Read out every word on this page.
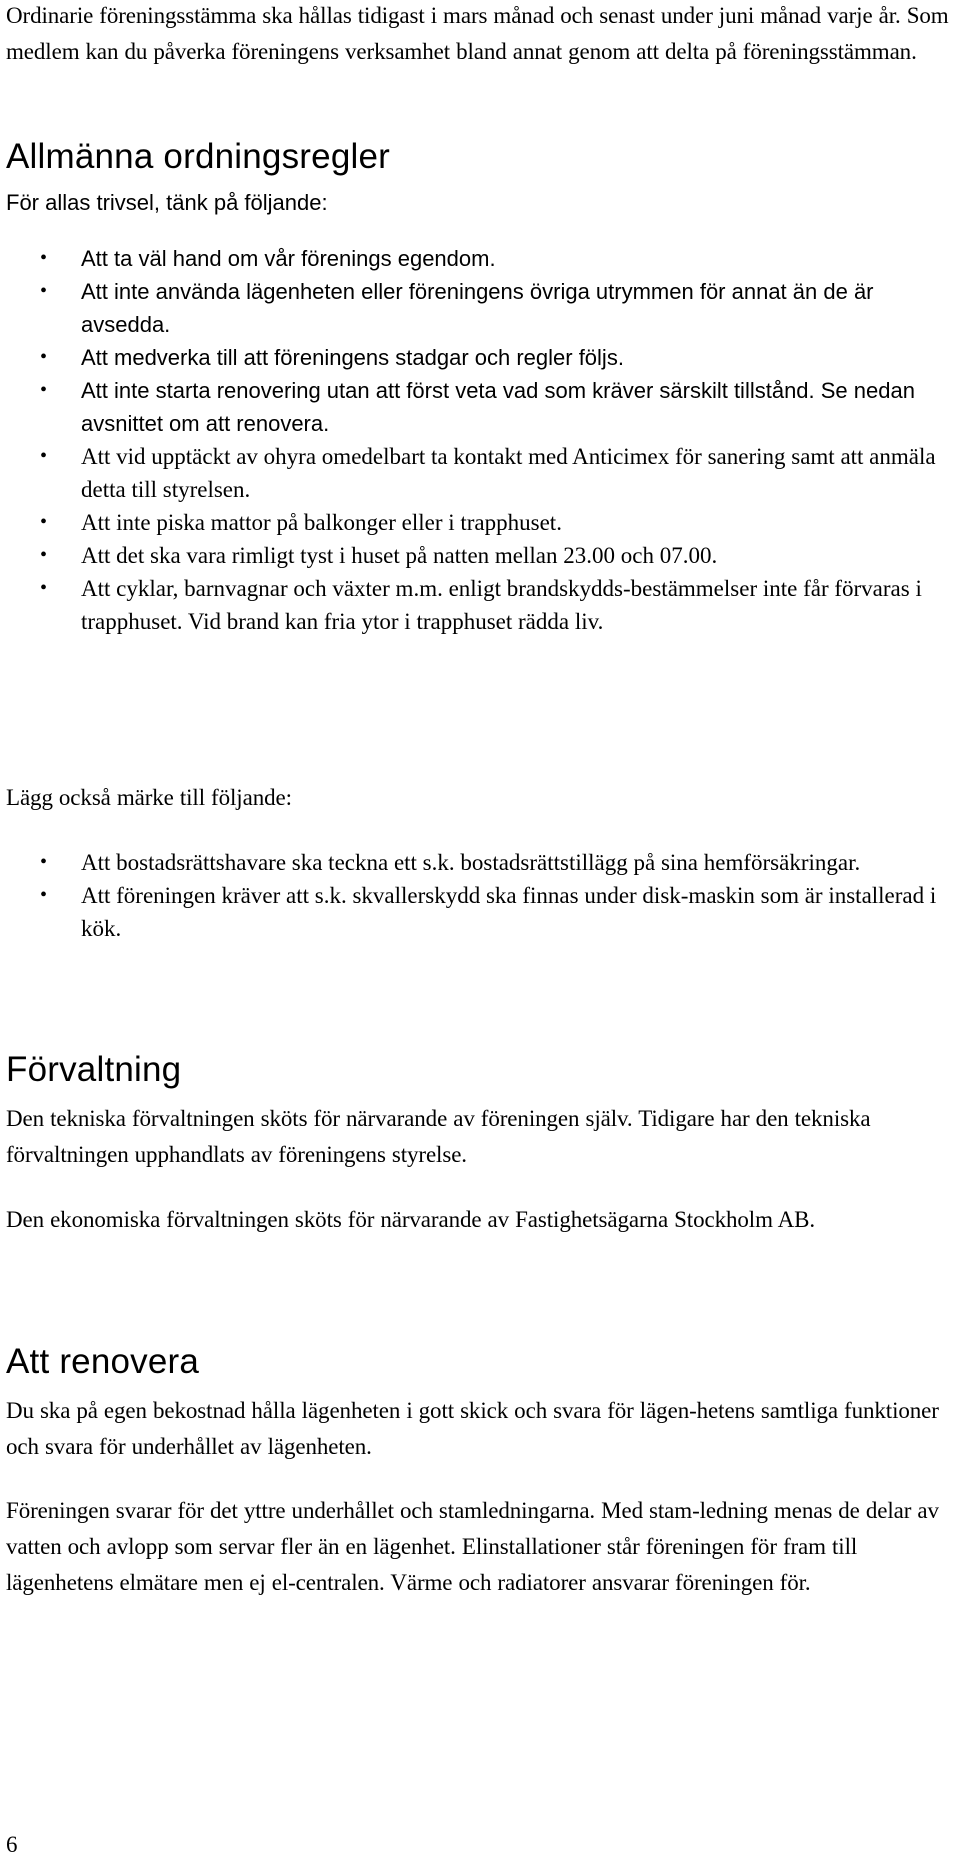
Ordinarie föreningsstämma ska hållas tidigast i mars månad och senast under juni månad varje år. Som medlem kan du påverka föreningens verksamhet bland annat genom att delta på föreningsstämman.

Allmänna ordningsregler

För allas trivsel, tänk på följande:

• Att ta väl hand om vår förenings egendom.
• Att inte använda lägenheten eller föreningens övriga utrymmen för annat än de är avsedda.
• Att medverka till att föreningens stadgar och regler följs.
• Att inte starta renovering utan att först veta vad som kräver särskilt tillstånd. Se nedan avsnittet om att renovera.
• Att vid upptäckt av ohyra omedelbart ta kontakt med Anticimex för sanering samt att anmäla detta till styrelsen.
• Att inte piska mattor på balkonger eller i trapphuset.
• Att det ska vara rimligt tyst i huset på natten mellan 23.00 och 07.00.
• Att cyklar, barnvagnar och växter m.m. enligt brandskydds-bestämmelser inte får förvaras i trapphuset. Vid brand kan fria ytor i trapphuset rädda liv.

Lägg också märke till följande:

• Att bostadsrättshavare ska teckna ett s.k. bostadsrättstillägg på sina hemförsäkringar.
• Att föreningen kräver att s.k. skvallerskydd ska finnas under disk-maskin som är installerad i kök.
Förvaltning

Den tekniska förvaltningen sköts för närvarande av föreningen själv. Tidigare har den tekniska förvaltningen upphandlats av föreningens styrelse.

Den ekonomiska förvaltningen sköts för närvarande av Fastighetsägarna Stockholm AB.

Att renovera

Du ska på egen bekostnad hålla lägenheten i gott skick och svara för lägen-hetens samtliga funktioner och svara för underhållet av lägenheten.

Föreningen svarar för det yttre underhållet och stamledningarna. Med stam-ledning menas de delar av vatten och avlopp som servar fler än en lägenhet. Elinstallationer står föreningen för fram till lägenhetens elmätare men ej el-centralen. Värme och radiatorer ansvarar föreningen för.

6
